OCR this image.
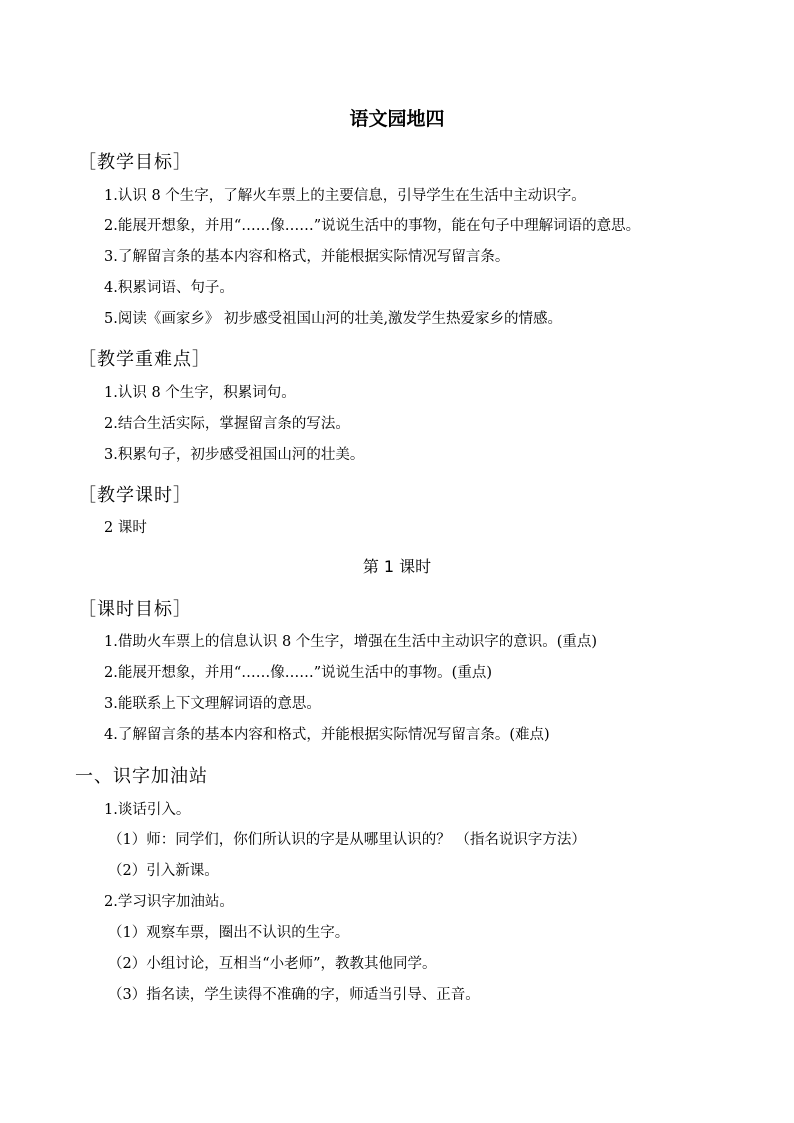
语文园地四
［教学目标］
1.认识 8 个生字，了解火车票上的主要信息，引导学生在生活中主动识字。
2.能展开想象，并用“……像……”说说生活中的事物，能在句子中理解词语的意思。
3.了解留言条的基本内容和格式，并能根据实际情况写留言条。
4.积累词语、句子。
5.阅读《画家乡》 初步感受祖国山河的壮美,激发学生热爱家乡的情感。
［教学重难点］
1.认识 8 个生字，积累词句。
2.结合生活实际，掌握留言条的写法。
3.积累句子，初步感受祖国山河的壮美。
［教学课时］
2 课时
第 1 课时
［课时目标］
1.借助火车票上的信息认识 8 个生字，增强在生活中主动识字的意识。(重点)
2.能展开想象，并用“……像……”说说生活中的事物。(重点)
3.能联系上下文理解词语的意思。
4.了解留言条的基本内容和格式，并能根据实际情况写留言条。(难点)
一、识字加油站
1.谈话引入。
（1）师：同学们，你们所认识的字是从哪里认识的？ （指名说识字方法）
（2）引入新课。
2.学习识字加油站。
（1）观察车票，圈出不认识的生字。
（2）小组讨论，互相当“小老师”，教教其他同学。
（3）指名读，学生读得不准确的字，师适当引导、正音。
